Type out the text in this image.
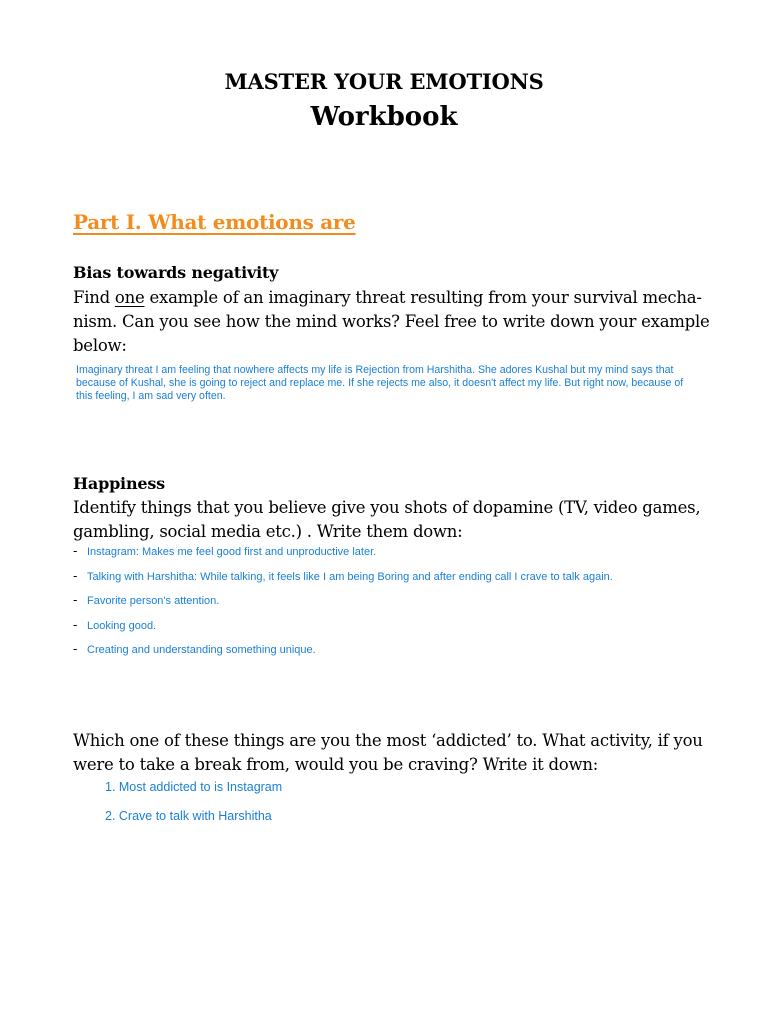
MASTER YOUR EMOTIONS
Workbook
Part I. What emotions are
Bias towards negativity
Find one example of an imaginary threat resulting from your survival mecha-
nism. Can you see how the mind works? Feel free to write down your example
below:
Imaginary threat I am feeling that nowhere affects my life is Rejection from Harshitha. She adores Kushal but my mind says that
because of Kushal, she is going to reject and replace me. If she rejects me also, it doesn't affect my life. But right now, because of
this feeling, I am sad very often.
Happiness
Identify things that you believe give you shots of dopamine (TV, video games,
gambling, social media etc.) . Write them down:
- Instagram: Makes me feel good first and unproductive later.
- Talking with Harshitha: While talking, it feels like I am being Boring and after ending call I crave to talk again.
- Favorite person's attention.
- Looking good.
- Creating and understanding something unique.
Which one of these things are you the most ‘addicted’ to. What activity, if you
were to take a break from, would you be craving? Write it down:
1. Most addicted to is Instagram
2. Crave to talk with Harshitha
